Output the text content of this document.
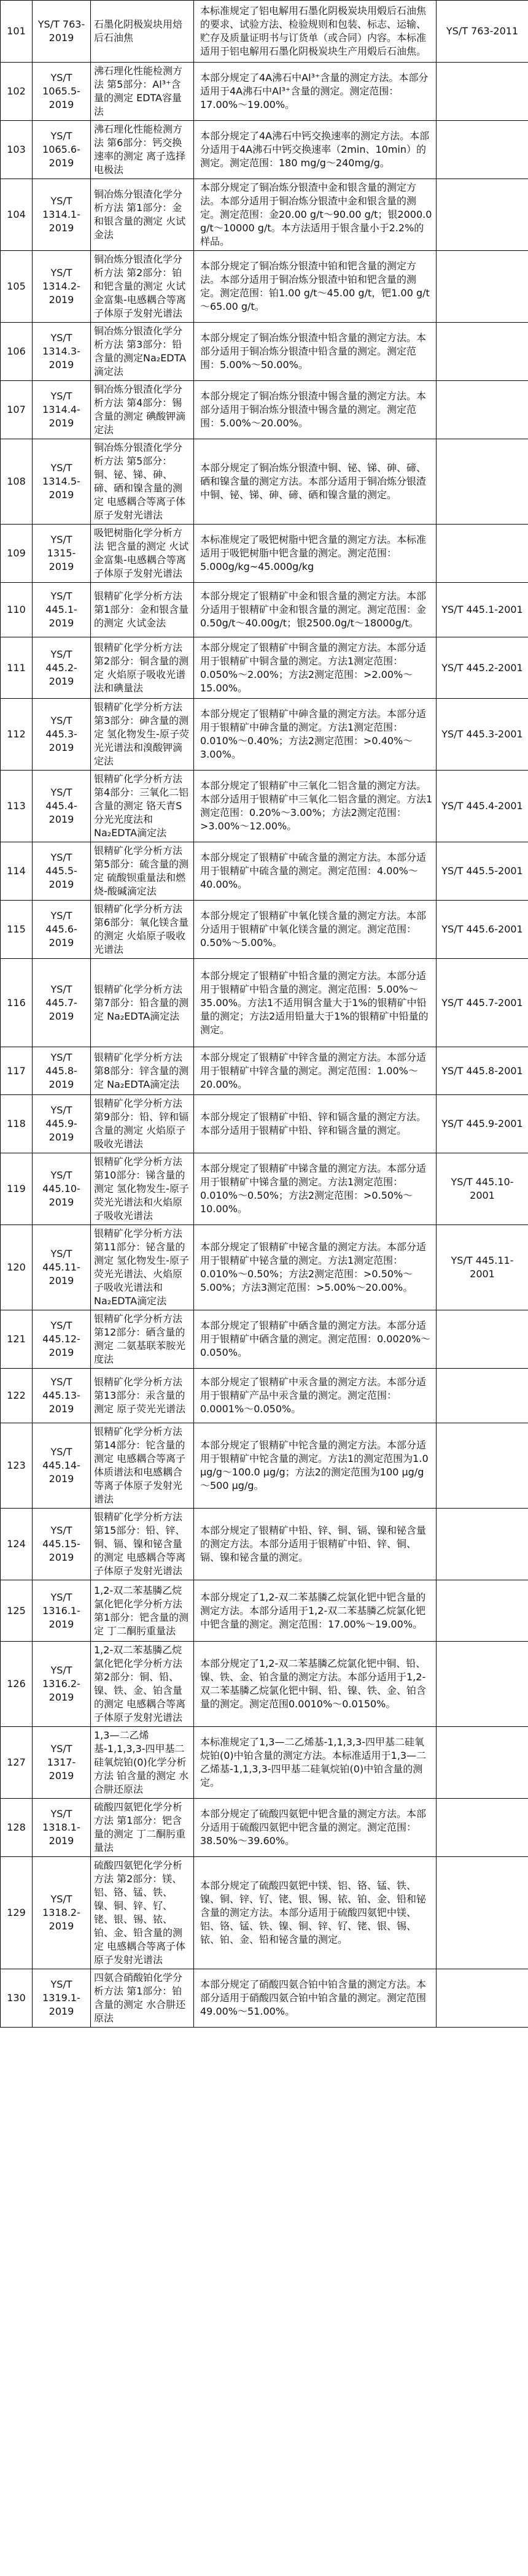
101	YS/T 763-2019	石墨化阴极炭块用焙后石油焦	本标准规定了铝电解用石墨化阴极炭块用煅后石油焦的要求、试验方法、检验规则和包装、标志、运输、贮存及质量证明书与订货单（或合同）内容。本标准适用于铝电解用石墨化阴极炭块生产用煅后石油焦。	YS/T 763-2011
102	YS/T 1065.5-2019	沸石理化性能检测方法 第5部分：Al³⁺含量的测定 EDTA容量法	本部分规定了4A沸石中Al³⁺含量的测定方法。本部分适用于4A沸石中Al³⁺含量的测定。测定范围：17.00%～19.00%。	
103	YS/T 1065.6-2019	沸石理化性能检测方法 第6部分：钙交换速率的测定 离子选择电极法	本部分规定了4A沸石中钙交换速率的测定方法。本部分适用于4A沸石中钙交换速率（2min、10min）的测定。测定范围：180 mg/g～240mg/g。	
104	YS/T 1314.1-2019	铜冶炼分银渣化学分析方法 第1部分：金和银含量的测定 火试金法	本部分规定了铜冶炼分银渣中金和银含量的测定方法。本部分适用于铜冶炼分银渣中金和银含量的测定。测定范围：金20.00 g/t～90.00 g/t；银2000.0 g/t～10000 g/t。本方法适用于银含量小于2.2%的样品。	
105	YS/T 1314.2-2019	铜冶炼分银渣化学分析方法 第2部分：铂和钯含量的测定 火试金富集-电感耦合等离子体原子发射光谱法	本部分规定了铜冶炼分银渣中铂和钯含量的测定方法。本部分适用于铜冶炼分银渣中铂和钯含量的测定。测定范围：铂1.00 g/t～45.00 g/t，钯1.00 g/t～65.00 g/t。	
106	YS/T 1314.3-2019	铜冶炼分银渣化学分析方法 第3部分：铅含量的测定Na₂EDTA滴定法	本部分规定了铜冶炼分银渣中铅含量的测定方法。本部分适用于铜冶炼分银渣中铅含量的测定。测定范围：5.00%～50.00%。	
107	YS/T 1314.4-2019	铜冶炼分银渣化学分析方法 第4部分：锡含量的测定 碘酸钾滴定法	本部分规定了铜冶炼分银渣中锡含量的测定方法。本部分适用于铜冶炼分银渣中锡含量的测定。测定范围：5.00%～20.00%。	
108	YS/T 1314.5-2019	铜冶炼分银渣化学分析方法 第5部分：铜、铋、锑、砷、碲、硒和镍含量的测定 电感耦合等离子体原子发射光谱法	本部分规定了铜冶炼分银渣中铜、铋、锑、砷、碲、硒和镍含量的测定方法。本部分适用于铜冶炼分银渣中铜、铋、锑、砷、碲、硒和镍含量的测定。	
109	YS/T 1315-2019	吸钯树脂化学分析方法 钯含量的测定 火试金富集-电感耦合等离子体原子发射光谱法	本标准规定了吸钯树脂中钯含量的测定方法。本标准适用于吸钯树脂中钯含量的测定。测定范围：5.000g/kg~45.000g/kg	
110	YS/T 445.1-2019	银精矿化学分析方法 第1部分：金和银含量的测定 火试金法	本部分规定了银精矿中金和银含量的测定方法。本部分适用于银精矿中金和银含量的测定。测定范围：金0.50g/t～40.00g/t；银2500.0g/t～18000g/t。	YS/T 445.1-2001
111	YS/T 445.2-2019	银精矿化学分析方法 第2部分：铜含量的测定 火焰原子吸收光谱法和碘量法	本部分规定了银精矿中铜含量的测定方法。本部分适用于银精矿中铜含量的测定。方法1测定范围：0.050%～2.00%；方法2测定范围：>2.00%～15.00%。	YS/T 445.2-2001
112	YS/T 445.3-2019	银精矿化学分析方法 第3部分：砷含量的测定 氢化物发生-原子荧光光谱法和溴酸钾滴定法	本部分规定了银精矿中砷含量的测定方法。本部分适用于银精矿中砷含量的测定。方法1测定范围：0.010%～0.40%；方法2测定范围：>0.40%～3.00%。	YS/T 445.3-2001
113	YS/T 445.4-2019	银精矿化学分析方法 第4部分：三氧化二铝含量的测定 铬天青S分光光度法和Na₂EDTA滴定法	本部分规定了银精矿中三氧化二铝含量的测定方法。本部分适用于银精矿中三氧化二铝含量的测定。方法1测定范围：0.20%～3.00%；方法2测定范围：>3.00%～12.00%。	YS/T 445.4-2001
114	YS/T 445.5-2019	银精矿化学分析方法 第5部分：硫含量的测定 硫酸钡重量法和燃烧-酸碱滴定法	本部分规定了银精矿中硫含量的测定方法。本部分适用于银精矿中硫含量的测定。测定范围：4.00%～40.00%。	YS/T 445.5-2001
115	YS/T 445.6-2019	银精矿化学分析方法 第6部分：氧化镁含量的测定 火焰原子吸收光谱法	本部分规定了银精矿中氧化镁含量的测定方法。本部分适用于银精矿中氧化镁含量的测定。测定范围：0.50%～5.00%。	YS/T 445.6-2001
116	YS/T 445.7-2019	银精矿化学分析方法 第7部分：铅含量的测定 Na₂EDTA滴定法	本部分规定了银精矿中铅含量的测定方法。本部分适用于银精矿中铅含量的测定。测定范围：5.00%～35.00%。方法1不适用铜含量大于1%的银精矿中铅量的测定；方法2适用铅量大于1%的银精矿中铅量的测定。	YS/T 445.7-2001
117	YS/T 445.8-2019	银精矿化学分析方法 第8部分：锌含量的测定 Na₂EDTA滴定法	本部分规定了银精矿中锌含量的测定方法。本部分适用于银精矿中锌含量的测定。测定范围：1.00%～20.00%。	YS/T 445.8-2001
118	YS/T 445.9-2019	银精矿化学分析方法 第9部分：铅、锌和镉含量的测定 火焰原子吸收光谱法	本部分规定了银精矿中铅、锌和镉含量的测定方法。本部分适用于银精矿中铅、锌和镉含量的测定。	YS/T 445.9-2001
119	YS/T 445.10-2019	银精矿化学分析方法 第10部分：锑含量的测定 氢化物发生-原子荧光光谱法和火焰原子吸收光谱法	本部分规定了银精矿中锑含量的测定方法。本部分适用于银精矿中锑含量的测定。方法1测定范围：0.010%～0.50%；方法2测定范围：>0.50%～10.00%。	YS/T 445.10-2001
120	YS/T 445.11-2019	银精矿化学分析方法 第11部分：铋含量的测定 氢化物发生-原子荧光光谱法、火焰原子吸收光谱法和Na₂EDTA滴定法	本部分规定了银精矿中铋含量的测定方法。本部分适用于银精矿中铋含量的测定。方法1测定范围：0.010%～0.50%；方法2测定范围：>0.50%～5.00%；方法3测定范围：>5.00%～20.00%。	YS/T 445.11-2001
121	YS/T 445.12-2019	银精矿化学分析方法 第12部分：硒含量的测定 二氨基联苯胺光度法	本部分规定了银精矿中硒含量的测定方法。本部分适用于银精矿中硒含量的测定。测定范围：0.0020%～0.050%。	
122	YS/T 445.13-2019	银精矿化学分析方法 第13部分：汞含量的测定 原子荧光光谱法	本部分规定了银精矿中汞含量的测定方法。本部分适用于银精矿产品中汞含量的测定。测定范围：0.0001%～0.050%。	
123	YS/T 445.14-2019	银精矿化学分析方法 第14部分：铊含量的测定 电感耦合等离子体质谱法和电感耦合等离子体原子发射光谱法	本部分规定了银精矿中铊含量的测定方法。本部分适用于银精矿中铊含量的测定。方法1的测定范围为1.0 μg/g～100.0 μg/g；方法2的测定范围为100 μg/g～500 μg/g。	
124	YS/T 445.15-2019	银精矿化学分析方法 第15部分：铅、锌、铜、镉、镍和铋含量的测定 电感耦合等离子体原子发射光谱法	本部分规定了银精矿中铅、锌、铜、镉、镍和铋含量的测定方法。本部分适用于银精矿中铅、锌、铜、镉、镍和铋含量的测定。	
125	YS/T 1316.1-2019	1,2-双二苯基膦乙烷氯化钯化学分析方法 第1部分：钯含量的测定 丁二酮肟重量法	本部分规定了1,2-双二苯基膦乙烷氯化钯中钯含量的测定方法。本部分适用于1,2-双二苯基膦乙烷氯化钯中钯含量的测定。测定范围：17.00%～19.00%。	
126	YS/T 1316.2-2019	1,2-双二苯基膦乙烷氯化钯化学分析方法 第2部分：铜、铅、镍、铁、金、铂含量的测定 电感耦合等离子体原子发射光谱法	本部分规定了1,2-双二苯基膦乙烷氯化钯中铜、铅、镍、铁、金、铂含量的测定方法。本部分适用于1,2-双二苯基膦乙烷氯化钯中铜、铅、镍、铁、金、铂含量的测定。测定范围0.0010%～0.0150%。	
127	YS/T 1317-2019	1,3—二乙烯基-1,1,3,3-四甲基二硅氧烷铂(0)化学分析方法 铂含量的测定 水合肼还原法	本标准规定了1,3—二乙烯基-1,1,3,3-四甲基二硅氧烷铂(0)中铂含量的测定方法。本标准适用于1,3—二乙烯基-1,1,3,3-四甲基二硅氧烷铂(0)中铂含量的测定。	
128	YS/T 1318.1-2019	硫酸四氨钯化学分析方法 第1部分：钯含量的测定 丁二酮肟重量法	本部分规定了硫酸四氨钯中钯含量的测定方法。本部分适用于硫酸四氨钯中钯含量的测定。测定范围：38.50%～39.60%。	
129	YS/T 1318.2-2019	硫酸四氨钯化学分析方法 第2部分：镁、铝、铬、锰、铁、镍、铜、锌、钌、铑、银、锡、铱、铂、金、铅含量的测定 电感耦合等离子体原子发射光谱法	本部分规定了硫酸四氨钯中镁、铝、铬、锰、铁、镍、铜、锌、钌、铑、银、锡、铱、铂、金、铅和铋含量的测定方法。本部分适用于硫酸四氨钯中镁、铝、铬、锰、铁、镍、铜、锌、钌、铑、银、锡、铱、铂、金、铅和铋含量的测定。	
130	YS/T 1319.1-2019	四氨合硝酸铂化学分析方法 第1部分：铂含量的测定 水合肼还原法	本部分规定了硝酸四氨合铂中铂含量的测定方法。本部分适用于硝酸四氨合铂中铂含量的测定。测定范围49.00%～51.00%。	
